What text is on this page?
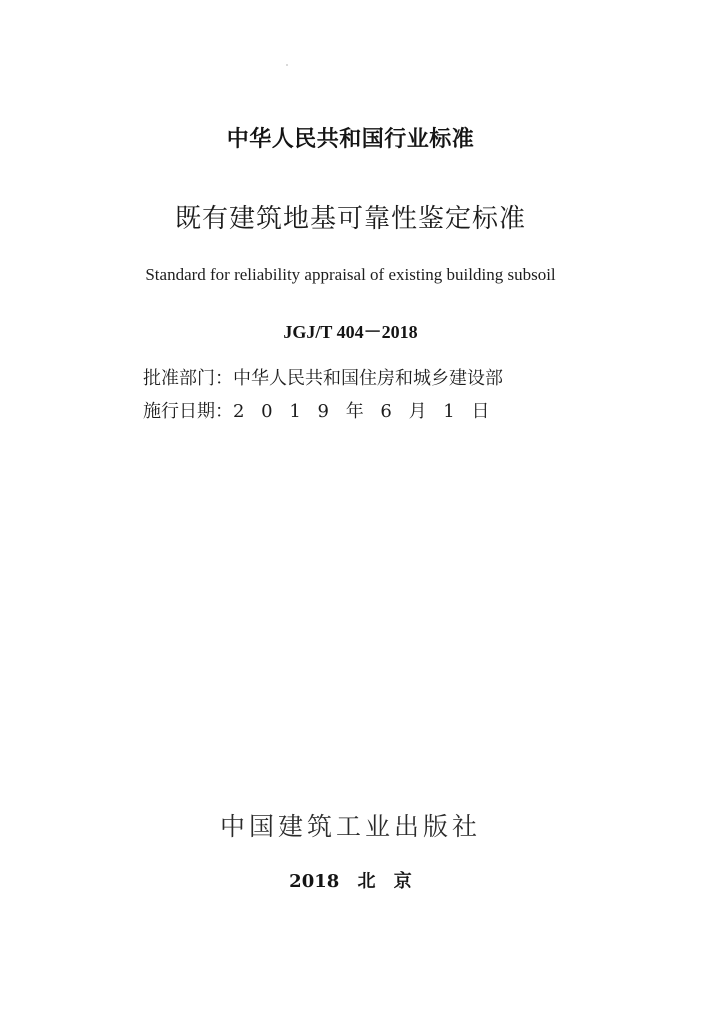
中华人民共和国行业标准
既有建筑地基可靠性鉴定标准
Standard for reliability appraisal of existing building subsoil
JGJ/T 404－2018
批准部门：中华人民共和国住房和城乡建设部
施行日期：2 0 1 9 年 6 月 1 日
中国建筑工业出版社
2018 北 京
